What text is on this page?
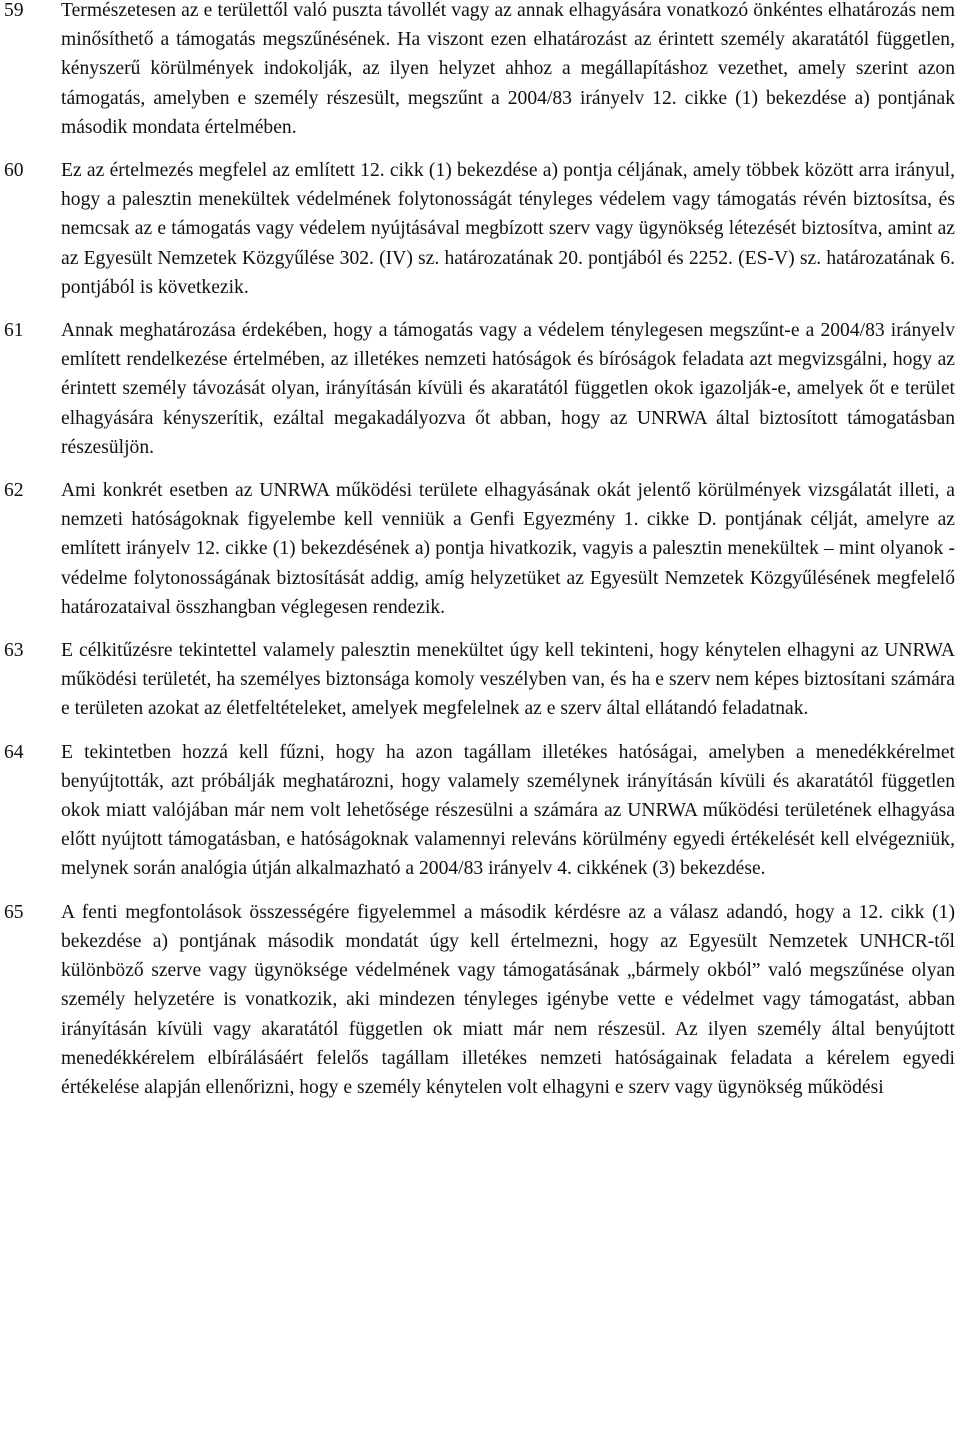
59 Természetesen az e területtől való puszta távollét vagy az annak elhagyására vonatkozó önkéntes elhatározás nem minősíthető a támogatás megszűnésének. Ha viszont ezen elhatározást az érintett személy akaratától független, kényszerű körülmények indokolják, az ilyen helyzet ahhoz a megállapításhoz vezethet, amely szerint azon támogatás, amelyben e személy részesült, megszűnt a 2004/83 irányelv 12. cikke (1) bekezdése a) pontjának második mondata értelmében.
60 Ez az értelmezés megfelel az említett 12. cikk (1) bekezdése a) pontja céljának, amely többek között arra irányul, hogy a palesztin menekültek védelmének folytonosságát tényleges védelem vagy támogatás révén biztosítsa, és nemcsak az e támogatás vagy védelem nyújtásával megbízott szerv vagy ügynökség létezését biztosítva, amint az az Egyesült Nemzetek Közgyűlése 302. (IV) sz. határozatának 20. pontjából és 2252. (ES-V) sz. határozatának 6. pontjából is következik.
61 Annak meghatározása érdekében, hogy a támogatás vagy a védelem ténylegesen megszűnt-e a 2004/83 irányelv említett rendelkezése értelmében, az illetékes nemzeti hatóságok és bíróságok feladata azt megvizsgálni, hogy az érintett személy távozását olyan, irányításán kívüli és akaratától független okok igazolják-e, amelyek őt e terület elhagyására kényszerítik, ezáltal megakadályozva őt abban, hogy az UNRWA által biztosított támogatásban részesüljön.
62 Ami konkrét esetben az UNRWA működési területe elhagyásának okát jelentő körülmények vizsgálatát illeti, a nemzeti hatóságoknak figyelembe kell venniük a Genfi Egyezmény 1. cikke D. pontjának célját, amelyre az említett irányelv 12. cikke (1) bekezdésének a) pontja hivatkozik, vagyis a palesztin menekültek – mint olyanok - védelme folytonosságának biztosítását addig, amíg helyzetüket az Egyesült Nemzetek Közgyűlésének megfelelő határozataival összhangban véglegesen rendezik.
63 E célkitűzésre tekintettel valamely palesztin menekültet úgy kell tekinteni, hogy kénytelen elhagyni az UNRWA működési területét, ha személyes biztonsága komoly veszélyben van, és ha e szerv nem képes biztosítani számára e területen azokat az életfeltételeket, amelyek megfelelnek az e szerv által ellátandó feladatnak.
64 E tekintetben hozzá kell fűzni, hogy ha azon tagállam illetékes hatóságai, amelyben a menedékkérelmet benyújtották, azt próbálják meghatározni, hogy valamely személynek irányításán kívüli és akaratától független okok miatt valójában már nem volt lehetősége részesülni a számára az UNRWA működési területének elhagyása előtt nyújtott támogatásban, e hatóságoknak valamennyi releváns körülmény egyedi értékelését kell elvégezniük, melynek során analógia útján alkalmazható a 2004/83 irányelv 4. cikkének (3) bekezdése.
65 A fenti megfontolások összességére figyelemmel a második kérdésre az a válasz adandó, hogy a 12. cikk (1) bekezdése a) pontjának második mondatát úgy kell értelmezni, hogy az Egyesült Nemzetek UNHCR-től különböző szerve vagy ügynöksége védelmének vagy támogatásának „bármely okból” való megszűnése olyan személy helyzetére is vonatkozik, aki mindezen tényleges igénybe vette e védelmet vagy támogatást, abban irányításán kívüli vagy akaratától független ok miatt már nem részesül. Az ilyen személy által benyújtott menedékkérelem elbírálásáért felelős tagállam illetékes nemzeti hatóságainak feladata a kérelem egyedi értékelése alapján ellenőrizni, hogy e személy kénytelen volt elhagyni e szerv vagy ügynökség működési
